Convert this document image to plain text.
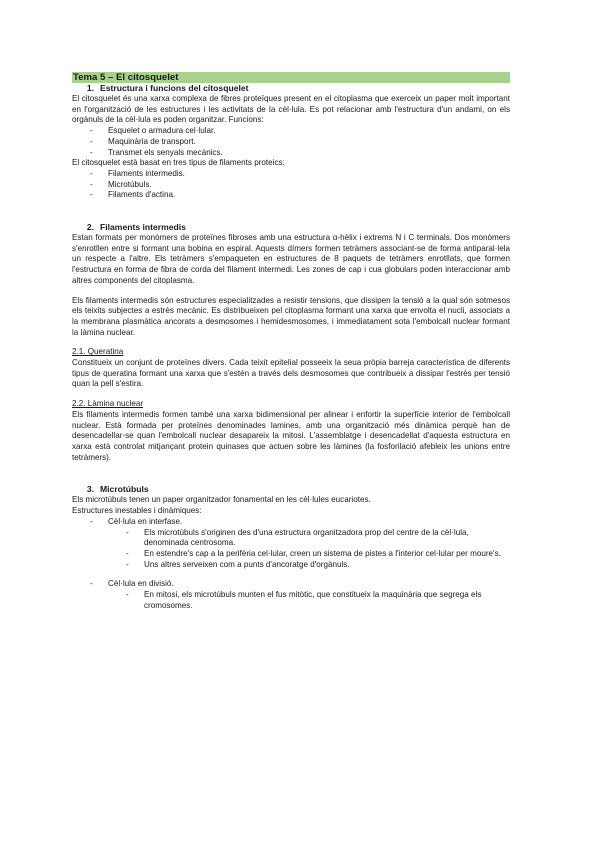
Tema 5 – El citosquelet
1. Estructura i funcions del citosquelet

El citosquelet és una xarxa complexa de fibres proteïques present en el citoplasma que exerceix un paper molt important en l'organització de les estructures i les activitats de la cèl·lula. Es pot relacionar amb l'estructura d'un andami, on els orgànuls de la cèl·lula es poden organitzar. Funcions:

- Esquelet o armadura cel·lular.
- Maquinària de transport.
- Transmet els senyals mecànics.

El citosquelet està basat en tres tipus de filaments proteics:

- Filaments intermedis.
- Microtúbuls.
- Filaments d'actina.
2. Filaments intermedis

Estan formats per monòmers de proteïnes fibroses amb una estructura α-hèlix i extrems N i C terminals. Dos monòmers s'enrotllen entre si formant una bobina en espiral. Aquests dímers formen tetràmers associant-se de forma antiparal·lela un respecte a l'altre. Els tetràmers s'empaqueten en estructures de 8 paquets de tetràmers enrotllats, que formen l'estructura en forma de fibra de corda del filament intermedi. Les zones de cap i cua globulars poden interaccionar amb altres components del citoplasma.

Els filaments intermedis són estructures especialitzades a resistir tensions, que dissipen la tensió a la qual són sotmesos els teixits subjectes a estrès mecànic. Es distribueixen pel citoplasma formant una xarxa que envolta el nucli, associats a la membrana plasmàtica ancorats a desmosomes i hemidesmosomes, i immediatament sota l'embolcall nuclear formant la làmina nuclear.

2.1. Queratina

Constitueix un conjunt de proteïnes divers. Cada teixit epitelial posseeix la seua pròpia barreja característica de diferents tipus de queratina formant una xarxa que s'estén a través dels desmosomes que contribueix a dissipar l'estrès per tensió quan la pell s'estira.

2.2. Làmina nuclear

Els filaments intermedis formen també una xarxa bidimensional per alinear i enfortir la superfície interior de l'embolcall nuclear. Està formada per proteïnes denominades lamines, amb una organització més dinàmica perquè han de desencadellar-se quan l'embolcall nuclear desapareix la mitosi. L'assemblatge i desencadellat d'aquesta estructura en xarxa està controlat mitjançant protein quinases que actuen sobre les làmines (la fosforilació afebleix les unions entre tetràmers).

3. Microtúbuls

Els microtúbuls tenen un paper organitzador fonamental en les cèl·lules eucariotes.

Estructures inestables i dinàmiques:

- Cèl·lula en interfase.
- Els microtúbuls s'originen des d'una estructura organitzadora prop del centre de la cèl·lula, denominada centrosoma.
- En estendre's cap a la perifèria cel·lular, creen un sistema de pistes a l'interior cel·lular per moure's.
- Uns altres serveixen com a punts d'ancoratge d'orgànuls.
- Cèl·lula en divisió.
- En mitosi, els microtúbuls munten el fus mitòtic, que constitueix la maquinària que segrega els cromosomes.
